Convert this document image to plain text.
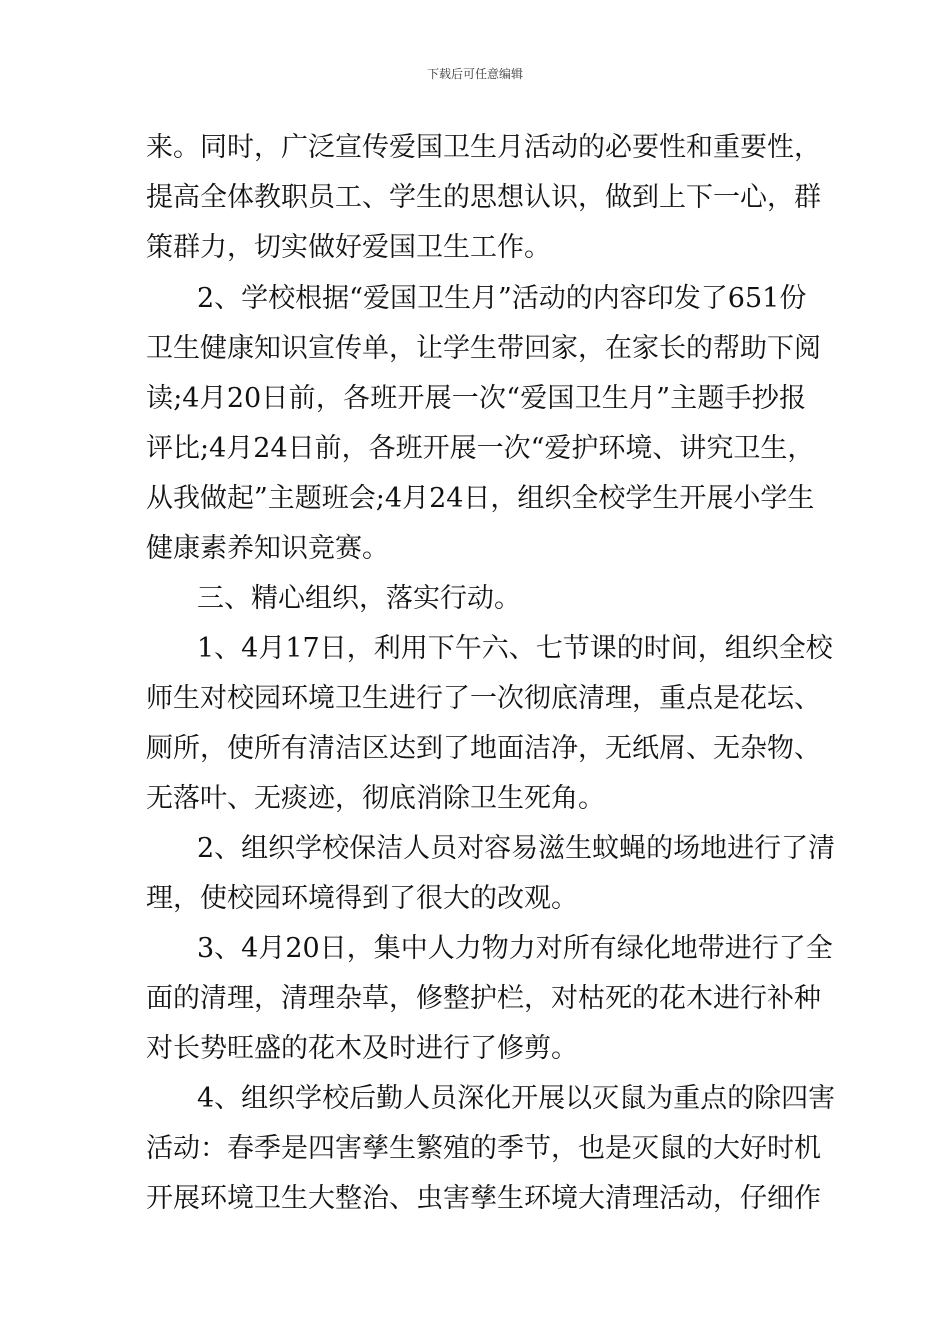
下载后可任意编辑
来。同时，广泛宣传爱国卫生月活动的必要性和重要性，
提高全体教职员工、学生的思想认识，做到上下一心，群
策群力，切实做好爱国卫生工作。
2、学校根据“爱国卫生月”活动的内容印发了651份
卫生健康知识宣传单，让学生带回家，在家长的帮助下阅
读;4月20日前，各班开展一次“爱国卫生月”主题手抄报
评比;4月24日前，各班开展一次“爱护环境、讲究卫生，
从我做起”主题班会;4月24日，组织全校学生开展小学生
健康素养知识竞赛。
三、精心组织，落实行动。
1、4月17日，利用下午六、七节课的时间，组织全校
师生对校园环境卫生进行了一次彻底清理，重点是花坛、
厕所，使所有清洁区达到了地面洁净，无纸屑、无杂物、
无落叶、无痰迹，彻底消除卫生死角。
2、组织学校保洁人员对容易滋生蚊蝇的场地进行了清
理，使校园环境得到了很大的改观。
3、4月20日，集中人力物力对所有绿化地带进行了全
面的清理，清理杂草，修整护栏，对枯死的花木进行补种
对长势旺盛的花木及时进行了修剪。
4、组织学校后勤人员深化开展以灭鼠为重点的除四害
活动：春季是四害孳生繁殖的季节，也是灭鼠的大好时机
开展环境卫生大整治、虫害孳生环境大清理活动，仔细作
